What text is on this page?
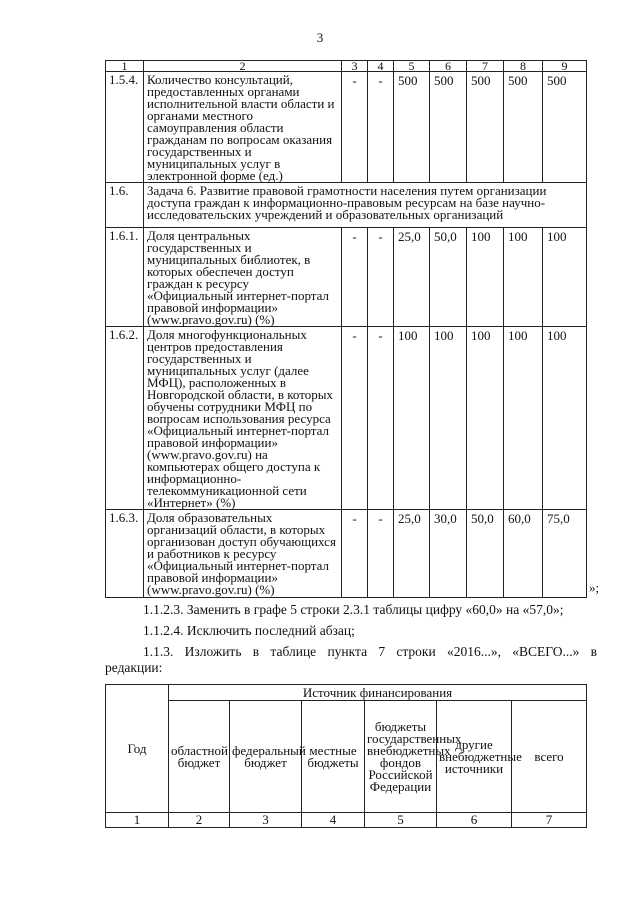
3
1	2	3	4	5	6	7	8	9
1.5.4.	Количество консультаций, предоставленных органами исполнительной власти области и органами местного самоуправления области гражданам по вопросам оказания государственных и муниципальных услуг в электронной форме (ед.)	-	-	500	500	500	500	500
1.6.	Задача 6. Развитие правовой грамотности населения путем организации доступа граждан к информационно-правовым ресурсам на базе научно-исследовательских учреждений и образовательных организаций							
1.6.1.	Доля центральных государственных и муниципальных библиотек, в которых обеспечен доступ граждан к ресурсу «Официальный интернет-портал правовой информации» (www.pravo.gov.ru) (%)	-	-	25,0	50,0	100	100	100
1.6.2.	Доля многофункциональных центров предоставления государственных и муниципальных услуг (далее МФЦ), расположенных в Новгородской области, в которых обучены сотрудники МФЦ по вопросам использования ресурса «Официальный интернет-портал правовой информации» (www.pravo.gov.ru) на компьютерах общего доступа к информационно-телекоммуникационной сети «Интернет» (%)	-	-	100	100	100	100	100
1.6.3.	Доля образовательных организаций области, в которых организован доступ обучающихся и работников к ресурсу «Официальный интернет-портал правовой информации» (www.pravo.gov.ru) (%)	-	-	25,0	30,0	50,0	60,0	75,0
»;
1.1.2.3. Заменить в графе 5 строки 2.3.1 таблицы цифру «60,0» на «57,0»;
1.1.2.4. Исключить последний абзац;
1.1.3. Изложить в таблице пункта 7 строки «2016...», «ВСЕГО...» в редакции:
Год	Источник финансирования					
	областной бюджет	федеральный бюджет	местные бюджеты	бюджеты государственных внебюджетных фондов Российской Федерации	другие внебюджетные источники	всего
1	2	3	4	5	6	7
